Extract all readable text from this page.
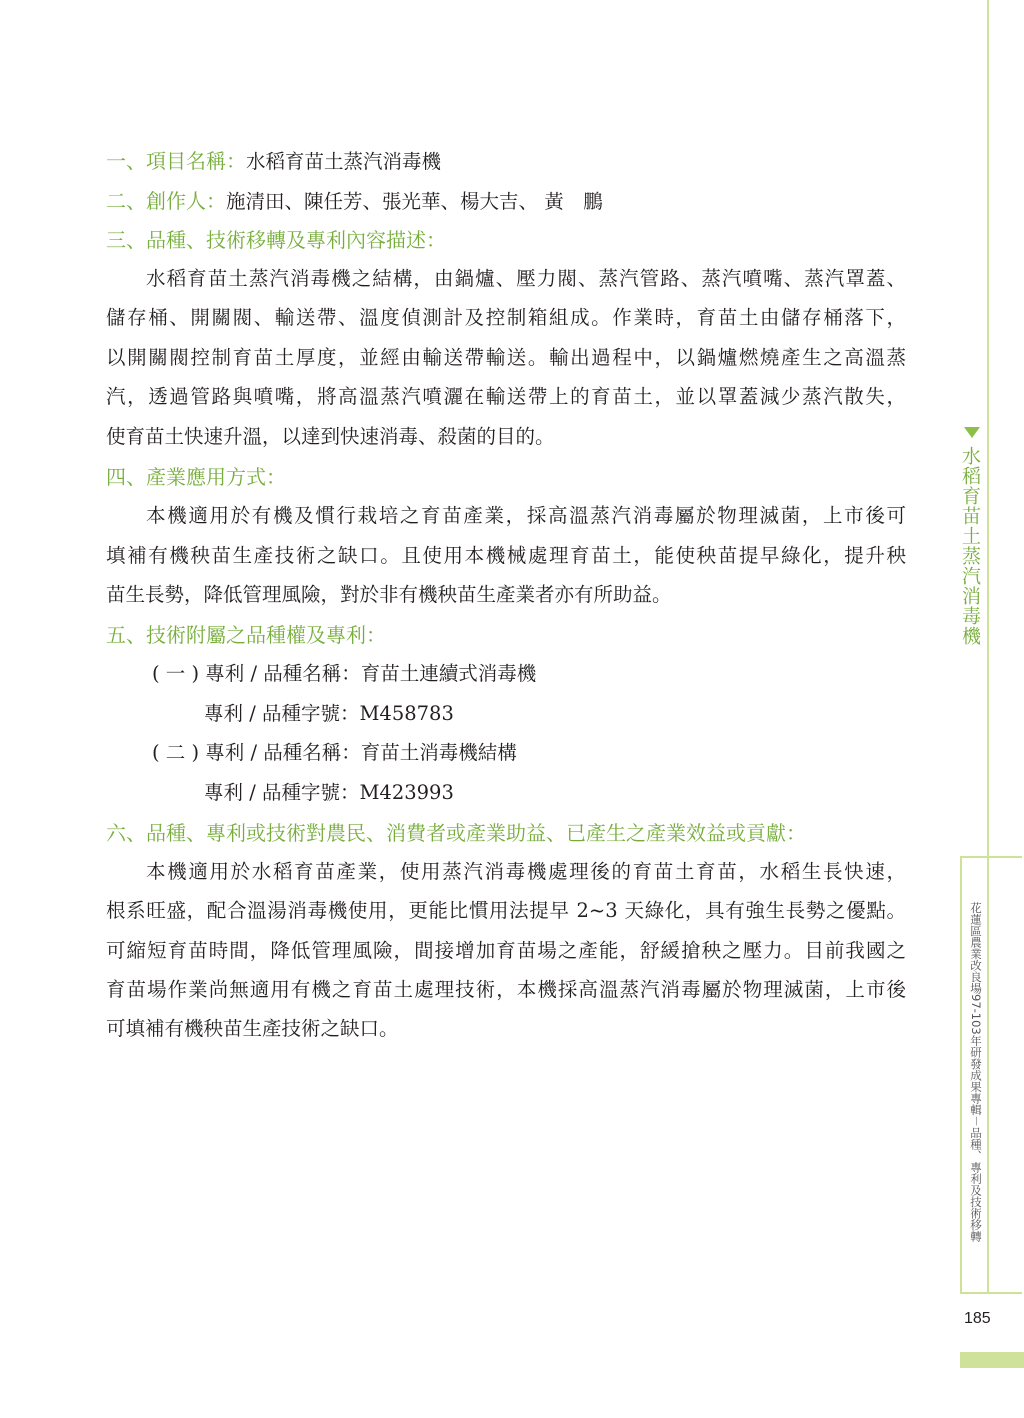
一、項目名稱：水稻育苗土蒸汽消毒機
二、創作人：施清田、陳任芳、張光華、楊大吉、 黃　鵬
三、品種、技術移轉及專利內容描述：
水稻育苗土蒸汽消毒機之結構，由鍋爐、壓力閥、蒸汽管路、蒸汽噴嘴、蒸汽罩蓋、
儲存桶、開關閥、輸送帶、溫度偵測計及控制箱組成。作業時，育苗土由儲存桶落下，
以開關閥控制育苗土厚度，並經由輸送帶輸送。輸出過程中，以鍋爐燃燒產生之高溫蒸
汽，透過管路與噴嘴，將高溫蒸汽噴灑在輸送帶上的育苗土，並以罩蓋減少蒸汽散失，
使育苗土快速升溫，以達到快速消毒、殺菌的目的。
四、產業應用方式：
本機適用於有機及慣行栽培之育苗產業，採高溫蒸汽消毒屬於物理滅菌，上市後可
填補有機秧苗生產技術之缺口。且使用本機械處理育苗土，能使秧苗提早綠化，提升秧
苗生長勢，降低管理風險，對於非有機秧苗生產業者亦有所助益。
五、技術附屬之品種權及專利：
( 一 ) 專利 / 品種名稱：育苗土連續式消毒機
專利 / 品種字號：M458783
( 二 ) 專利 / 品種名稱：育苗土消毒機結構
專利 / 品種字號：M423993
六、品種、專利或技術對農民、消費者或產業助益、已產生之產業效益或貢獻：
本機適用於水稻育苗產業，使用蒸汽消毒機處理後的育苗土育苗，水稻生長快速，
根系旺盛，配合溫湯消毒機使用，更能比慣用法提早 2~3 天綠化，具有強生長勢之優點。
可縮短育苗時間，降低管理風險，間接增加育苗場之產能，舒緩搶秧之壓力。目前我國之
育苗場作業尚無適用有機之育苗土處理技術，本機採高溫蒸汽消毒屬於物理滅菌，上市後
可填補有機秧苗生產技術之缺口。
水稻育苗土蒸汽消毒機
花蓮區農業改良場97-103年研發成果專輯－品種、專利及技術移轉
185
